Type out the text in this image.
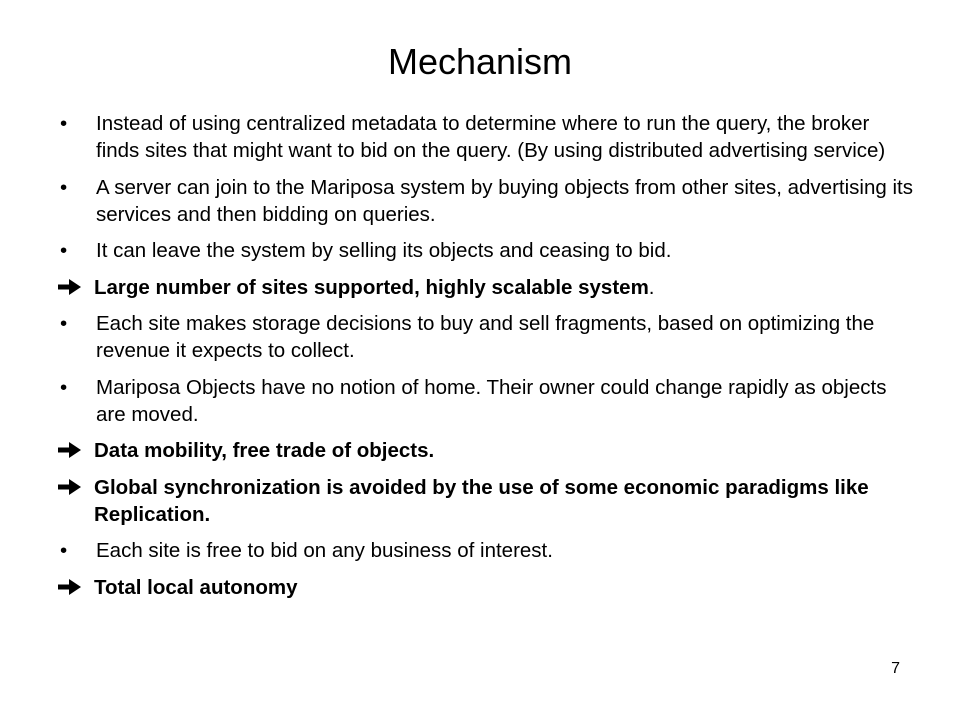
Mechanism
•	Instead of using centralized metadata to determine where to run the query, the broker finds sites that might want to bid on the query. (By using distributed advertising service)
•	A server can join to the Mariposa system by buying objects from other sites, advertising its services and then bidding on queries.
•	It can leave the system by selling its objects and ceasing to bid.
Large number of sites supported, highly scalable system.
•	Each site makes storage decisions to buy and sell fragments, based on optimizing the revenue it expects to collect.
•	Mariposa Objects have no notion of home. Their owner could change rapidly as objects are moved.
Data mobility, free trade of objects.
Global synchronization is avoided by the use of some economic paradigms like Replication.
•	Each site is free to bid on any business of interest.
Total local autonomy
7
